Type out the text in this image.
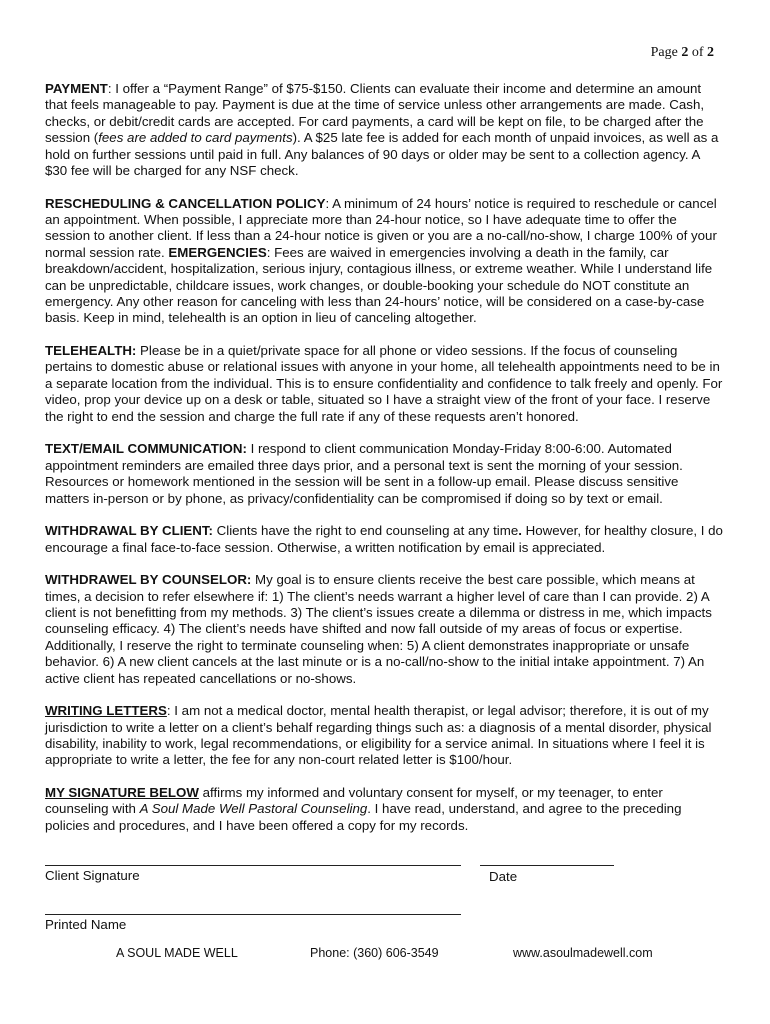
Page 2 of 2

PAYMENT: I offer a “Payment Range” of $75-$150. Clients can evaluate their income and determine an amount that feels manageable to pay. Payment is due at the time of service unless other arrangements are made. Cash, checks, or debit/credit cards are accepted. For card payments, a card will be kept on file, to be charged after the session (fees are added to card payments). A $25 late fee is added for each month of unpaid invoices, as well as a hold on further sessions until paid in full. Any balances of 90 days or older may be sent to a collection agency. A $30 fee will be charged for any NSF check.

RESCHEDULING & CANCELLATION POLICY: A minimum of 24 hours’ notice is required to reschedule or cancel an appointment. When possible, I appreciate more than 24-hour notice, so I have adequate time to offer the session to another client. If less than a 24-hour notice is given or you are a no-call/no-show, I charge 100% of your normal session rate. EMERGENCIES: Fees are waived in emergencies involving a death in the family, car breakdown/accident, hospitalization, serious injury, contagious illness, or extreme weather. While I understand life can be unpredictable, childcare issues, work changes, or double-booking your schedule do NOT constitute an emergency. Any other reason for canceling with less than 24-hours’ notice, will be considered on a case-by-case basis. Keep in mind, telehealth is an option in lieu of canceling altogether.

TELEHEALTH: Please be in a quiet/private space for all phone or video sessions. If the focus of counseling pertains to domestic abuse or relational issues with anyone in your home, all telehealth appointments need to be in a separate location from the individual. This is to ensure confidentiality and confidence to talk freely and openly. For video, prop your device up on a desk or table, situated so I have a straight view of the front of your face. I reserve the right to end the session and charge the full rate if any of these requests aren’t honored.

TEXT/EMAIL COMMUNICATION: I respond to client communication Monday-Friday 8:00-6:00. Automated appointment reminders are emailed three days prior, and a personal text is sent the morning of your session. Resources or homework mentioned in the session will be sent in a follow-up email. Please discuss sensitive matters in-person or by phone, as privacy/confidentiality can be compromised if doing so by text or email.

WITHDRAWAL BY CLIENT: Clients have the right to end counseling at any time. However, for healthy closure, I do encourage a final face-to-face session. Otherwise, a written notification by email is appreciated.

WITHDRAWEL BY COUNSELOR: My goal is to ensure clients receive the best care possible, which means at times, a decision to refer elsewhere if: 1) The client’s needs warrant a higher level of care than I can provide. 2) A client is not benefitting from my methods. 3) The client’s issues create a dilemma or distress in me, which impacts counseling efficacy. 4) The client’s needs have shifted and now fall outside of my areas of focus or expertise. Additionally, I reserve the right to terminate counseling when: 5) A client demonstrates inappropriate or unsafe behavior. 6) A new client cancels at the last minute or is a no-call/no-show to the initial intake appointment. 7) An active client has repeated cancellations or no-shows.

WRITING LETTERS: I am not a medical doctor, mental health therapist, or legal advisor; therefore, it is out of my jurisdiction to write a letter on a client’s behalf regarding things such as: a diagnosis of a mental disorder, physical disability, inability to work, legal recommendations, or eligibility for a service animal. In situations where I feel it is appropriate to write a letter, the fee for any non-court related letter is $100/hour.

MY SIGNATURE BELOW affirms my informed and voluntary consent for myself, or my teenager, to enter counseling with A Soul Made Well Pastoral Counseling. I have read, understand, and agree to the preceding policies and procedures, and I have been offered a copy for my records.

Client Signature	Date
Printed Name
A SOUL MADE WELL	Phone: (360) 606-3549	www.asoulmadewell.com
